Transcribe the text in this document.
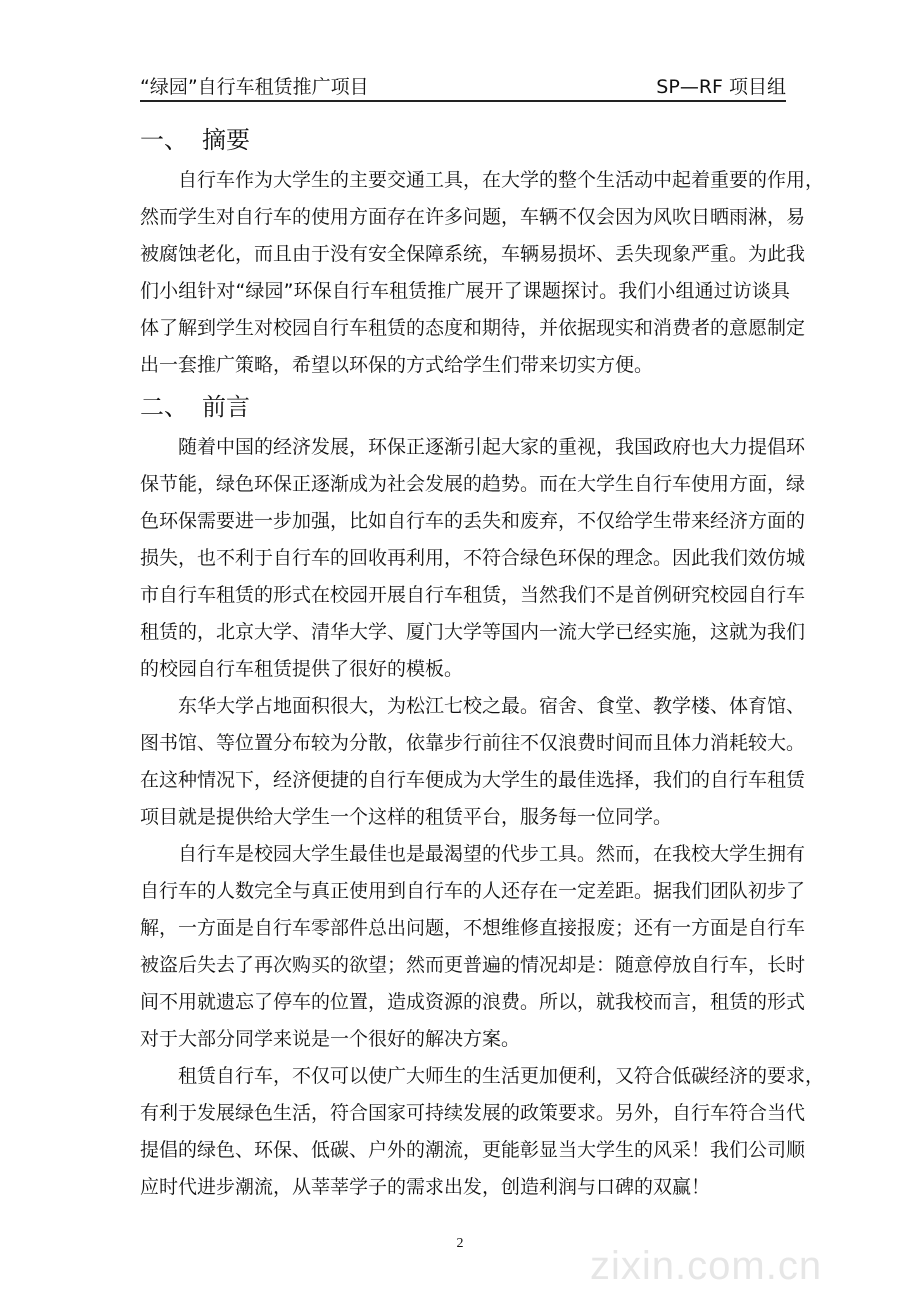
“绿园”自行车租赁推广项目	SP—RF 项目组
一、 摘要
自行车作为大学生的主要交通工具，在大学的整个生活动中起着重要的作用，
然而学生对自行车的使用方面存在许多问题，车辆不仅会因为风吹日晒雨淋，易
被腐蚀老化，而且由于没有安全保障系统，车辆易损坏、丢失现象严重。为此我
们小组针对“绿园”环保自行车租赁推广展开了课题探讨。我们小组通过访谈具
体了解到学生对校园自行车租赁的态度和期待，并依据现实和消费者的意愿制定
出一套推广策略，希望以环保的方式给学生们带来切实方便。
二、 前言
随着中国的经济发展，环保正逐渐引起大家的重视，我国政府也大力提倡环
保节能，绿色环保正逐渐成为社会发展的趋势。而在大学生自行车使用方面，绿
色环保需要进一步加强，比如自行车的丢失和废弃，不仅给学生带来经济方面的
损失，也不利于自行车的回收再利用，不符合绿色环保的理念。因此我们效仿城
市自行车租赁的形式在校园开展自行车租赁，当然我们不是首例研究校园自行车
租赁的，北京大学、清华大学、厦门大学等国内一流大学已经实施，这就为我们
的校园自行车租赁提供了很好的模板。
东华大学占地面积很大，为松江七校之最。宿舍、食堂、教学楼、体育馆、
图书馆、等位置分布较为分散，依靠步行前往不仅浪费时间而且体力消耗较大。
在这种情况下，经济便捷的自行车便成为大学生的最佳选择，我们的自行车租赁
项目就是提供给大学生一个这样的租赁平台，服务每一位同学。
自行车是校园大学生最佳也是最渴望的代步工具。然而，在我校大学生拥有
自行车的人数完全与真正使用到自行车的人还存在一定差距。据我们团队初步了
解，一方面是自行车零部件总出问题，不想维修直接报废；还有一方面是自行车
被盗后失去了再次购买的欲望；然而更普遍的情况却是：随意停放自行车，长时
间不用就遗忘了停车的位置，造成资源的浪费。所以，就我校而言，租赁的形式
对于大部分同学来说是一个很好的解决方案。
租赁自行车，不仅可以使广大师生的生活更加便利，又符合低碳经济的要求，
有利于发展绿色生活，符合国家可持续发展的政策要求。另外，自行车符合当代
提倡的绿色、环保、低碳、户外的潮流，更能彰显当大学生的风采！我们公司顺
应时代进步潮流，从莘莘学子的需求出发，创造利润与口碑的双赢！
2
zixin.com.cn
